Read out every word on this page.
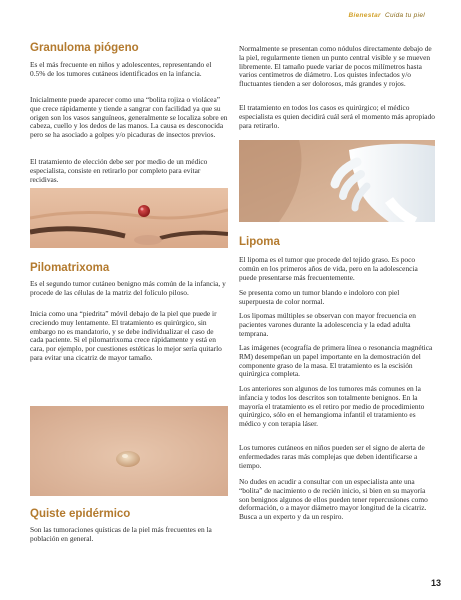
Bienestar Cuida tu piel
Granuloma piógeno

Es el más frecuente en niños y adolescentes, representando el 0.5% de los tumores cutáneos identificados en la infancia.

Inicialmente puede aparecer como una “bolita rojiza o violácea” que crece rápidamente y tiende a sangrar con facilidad ya que su origen son los vasos sanguíneos, generalmente se localiza sobre en cabeza, cuello y los dedos de las manos. La causa es desconocida pero se ha asociado a golpes y/o picaduras de insectos previos.

El tratamiento de elección debe ser por medio de un médico especialista, consiste en retirarlo por completo para evitar recidivas.

Pilomatrixoma

Es el segundo tumor cutáneo benigno más común de la infancia, y procede de las células de la matriz del folículo piloso.

Inicia como una “piedrita” móvil debajo de la piel que puede ir creciendo muy lentamente. El tratamiento es quirúrgico, sin embargo no es mandatorio, y se debe individualizar el caso de cada paciente. Si el pilomatrixoma crece rápidamente y está en cara, por ejemplo, por cuestiones estéticas lo mejor sería quitarlo para evitar una cicatriz de mayor tamaño.

Quiste epidérmico

Son las tumoraciones quísticas de la piel más frecuentes en la población en general.

Normalmente se presentan como nódulos directamente debajo de la piel, regularmente tienen un punto central visible y se mueven libremente. El tamaño puede variar de pocos milímetros hasta varios centímetros de diámetro. Los quistes infectados y/o fluctuantes tienden a ser dolorosos, más grandes y rojos.

El tratamiento en todos los casos es quirúrgico; el médico especialista es quien decidirá cuál será el momento más apropiado para retirarlo.

Lipoma

El lipoma es el tumor que procede del tejido graso. Es poco común en los primeros años de vida, pero en la adolescencia puede presentarse más frecuentemente.

Se presenta como un tumor blando e indoloro con piel superpuesta de color normal.

Los lipomas múltiples se observan con mayor frecuencia en pacientes varones durante la adolescencia y la edad adulta temprana.

Las imágenes (ecografía de primera línea o resonancia magnética RM) desempeñan un papel importante en la demostración del componente graso de la masa. El tratamiento es la escisión quirúrgica completa.

Los anteriores son algunos de los tumores más comunes en la infancia y todos los descritos son totalmente benignos. En la mayoría el tratamiento es el retiro por medio de procedimiento quirúrgico, sólo en el hemangioma infantil el tratamiento es médico y con terapia láser.

Los tumores cutáneos en niños pueden ser el signo de alerta de enfermedades raras más complejas que deben identificarse a tiempo.

No dudes en acudir a consultar con un especialista ante una “bolita” de nacimiento o de recién inicio, si bien en su mayoría son benignos algunos de ellos pueden tener repercusiones como deformación, o a mayor diámetro mayor longitud de la cicatriz. Busca a un experto y da un respiro.

13
